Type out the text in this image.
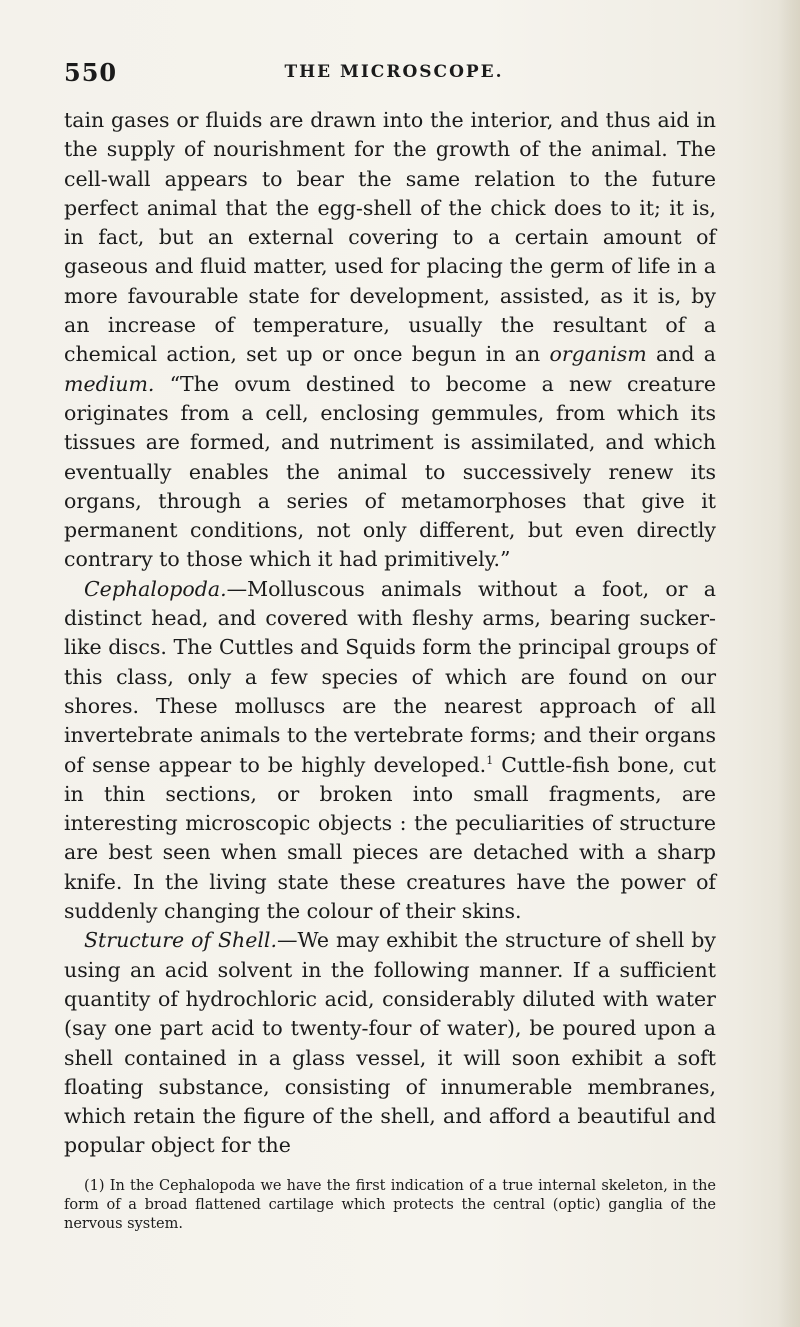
550	THE MICROSCOPE.

tain gases or fluids are drawn into the interior, and thus aid in the supply of nourishment for the growth of the animal. The cell-wall appears to bear the same relation to the future perfect animal that the egg-shell of the chick does to it; it is, in fact, but an external covering to a certain amount of gaseous and fluid matter, used for placing the germ of life in a more favourable state for development, assisted, as it is, by an increase of temperature, usually the resultant of a chemical action, set up or once begun in an organism and a medium. “The ovum destined to become a new creature originates from a cell, enclosing gemmules, from which its tissues are formed, and nutriment is assimilated, and which eventually enables the animal to successively renew its organs, through a series of metamorphoses that give it permanent conditions, not only different, but even directly contrary to those which it had primitively.”

Cephalopoda.—Molluscous animals without a foot, or a distinct head, and covered with fleshy arms, bearing sucker-like discs. The Cuttles and Squids form the principal groups of this class, only a few species of which are found on our shores. These molluscs are the nearest approach of all invertebrate animals to the vertebrate forms; and their organs of sense appear to be highly developed.$^1$ Cuttle-fish bone, cut in thin sections, or broken into small fragments, are interesting microscopic objects : the peculiarities of structure are best seen when small pieces are detached with a sharp knife. In the living state these creatures have the power of suddenly changing the colour of their skins.

Structure of Shell.—We may exhibit the structure of shell by using an acid solvent in the following manner. If a sufficient quantity of hydrochloric acid, considerably diluted with water (say one part acid to twenty-four of water), be poured upon a shell contained in a glass vessel, it will soon exhibit a soft floating substance, consisting of innumerable membranes, which retain the figure of the shell, and afford a beautiful and popular object for the

(1) In the Cephalopoda we have the first indication of a true internal skeleton, in the form of a broad flattened cartilage which protects the central (optic) ganglia of the nervous system.
